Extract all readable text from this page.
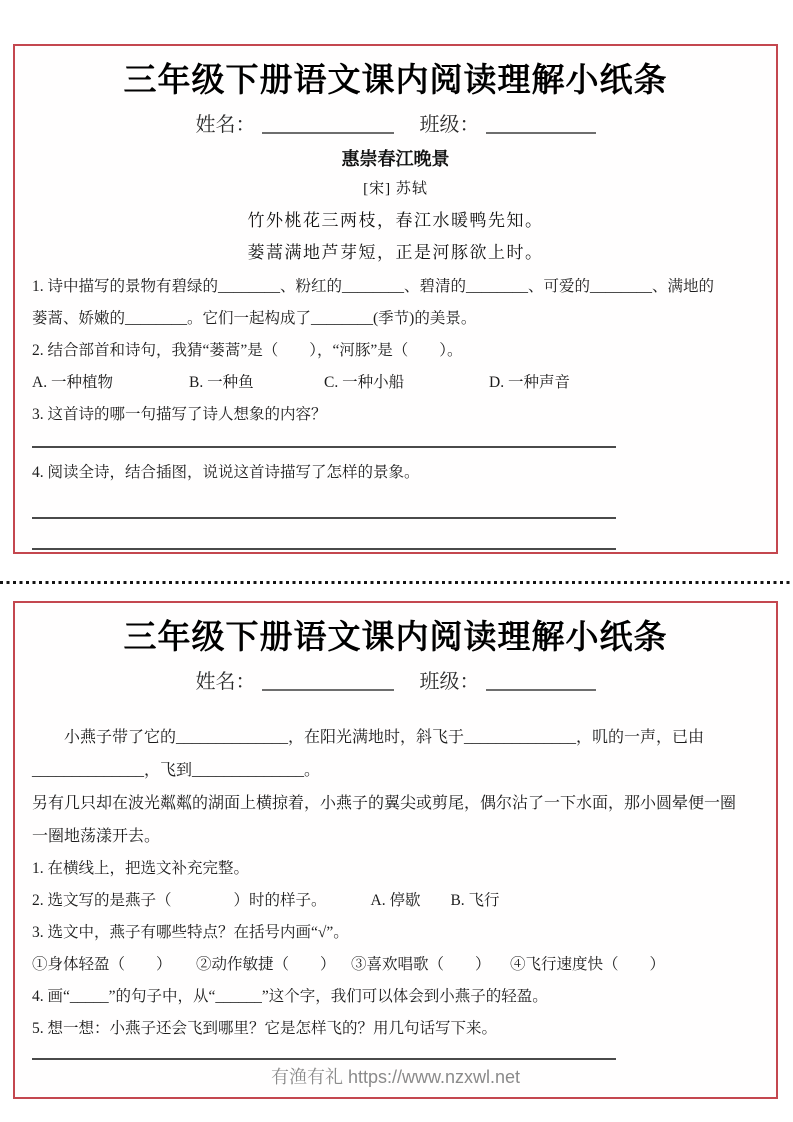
三年级下册语文课内阅读理解小纸条
姓名：	班级：
惠崇春江晚景
[宋] 苏轼
竹外桃花三两枝，春江水暖鸭先知。
蒌蒿满地芦芽短，正是河豚欲上时。

1. 诗中描写的景物有碧绿的________、粉红的________、碧清的________、可爱的________、满地的

蒌蒿、娇嫩的________。它们一起构成了________(季节)的美景。

2. 结合部首和诗句，我猜“蒌蒿”是（　　），“河豚”是（　　）。

A. 一种植物	B. 一种鱼	C. 一种小船	D. 一种声音

3. 这首诗的哪一句描写了诗人想象的内容？

4. 阅读全诗，结合插图，说说这首诗描写了怎样的景象。

三年级下册语文课内阅读理解小纸条
姓名：	班级：

小燕子带了它的______________，在阳光满地时，斜飞于______________，叽的一声，已由

______________，飞到______________。

另有几只却在波光粼粼的湖面上横掠着，小燕子的翼尖或剪尾，偶尔沾了一下水面，那小圆晕便一圈

一圈地荡漾开去。

1. 在横线上，把选文补充完整。

2. 选文写的是燕子（　　　　）时的样子。	A. 停歇 B. 飞行

3. 选文中，燕子有哪些特点？在括号内画“√”。

①身体轻盈（　　）	②动作敏捷（　　） ③喜欢唱歌（　　）	④飞行速度快（　　）

4. 画“_____”的句子中，从“______”这个字，我们可以体会到小燕子的轻盈。

5. 想一想：小燕子还会飞到哪里？它是怎样飞的？用几句话写下来。

有渔有礼 https://www.nzxwl.net
